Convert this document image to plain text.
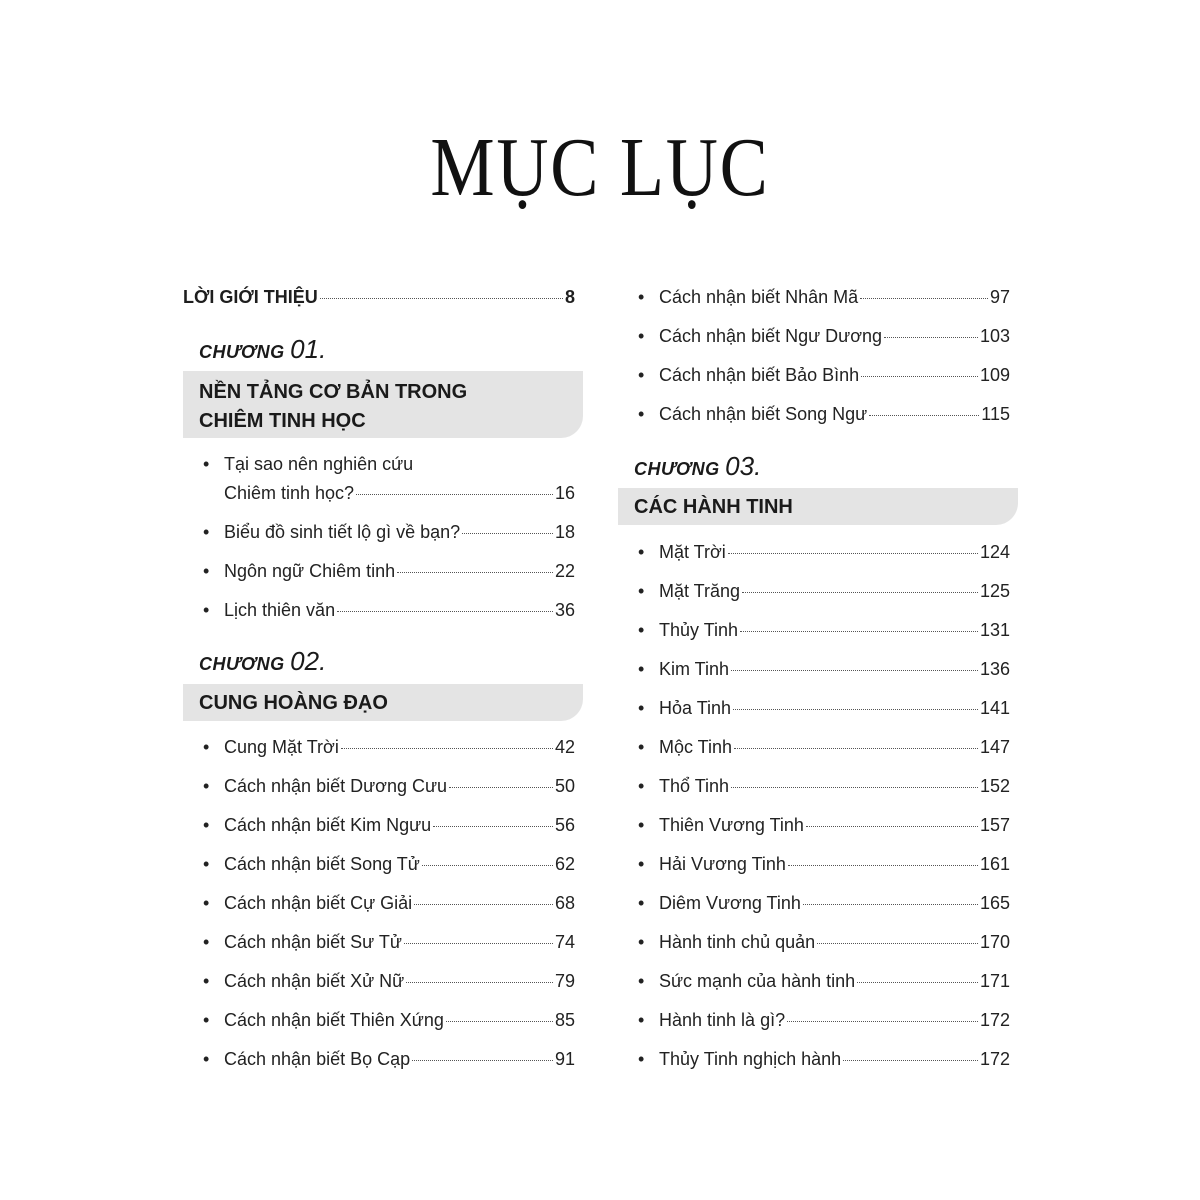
MỤC LỤC
LỜI GIỚI THIỆU	8
CHƯƠNG 01.
NỀN TẢNG CƠ BẢN TRONG
CHIÊM TINH HỌC
• Tại sao nên nghiên cứu
Chiêm tinh học?	16
• Biểu đồ sinh tiết lộ gì về bạn?	18
• Ngôn ngữ Chiêm tinh	22
• Lịch thiên văn	36
CHƯƠNG 02.
CUNG HOÀNG ĐẠO
• Cung Mặt Trời	42
• Cách nhận biết Dương Cưu	50
• Cách nhận biết Kim Ngưu	56
• Cách nhận biết Song Tử	62
• Cách nhận biết Cự Giải	68
• Cách nhận biết Sư Tử	74
• Cách nhận biết Xử Nữ	79
• Cách nhận biết Thiên Xứng	85
• Cách nhận biết Bọ Cạp	91
• Cách nhận biết Nhân Mã	97
• Cách nhận biết Ngư Dương	103
• Cách nhận biết Bảo Bình	109
• Cách nhận biết Song Ngư	115
CHƯƠNG 03.
CÁC HÀNH TINH
• Mặt Trời	124
• Mặt Trăng	125
• Thủy Tinh	131
• Kim Tinh	136
• Hỏa Tinh	141
• Mộc Tinh	147
• Thổ Tinh	152
• Thiên Vương Tinh	157
• Hải Vương Tinh	161
• Diêm Vương Tinh	165
• Hành tinh chủ quản	170
• Sức mạnh của hành tinh	171
• Hành tinh là gì?	172
• Thủy Tinh nghịch hành	172
